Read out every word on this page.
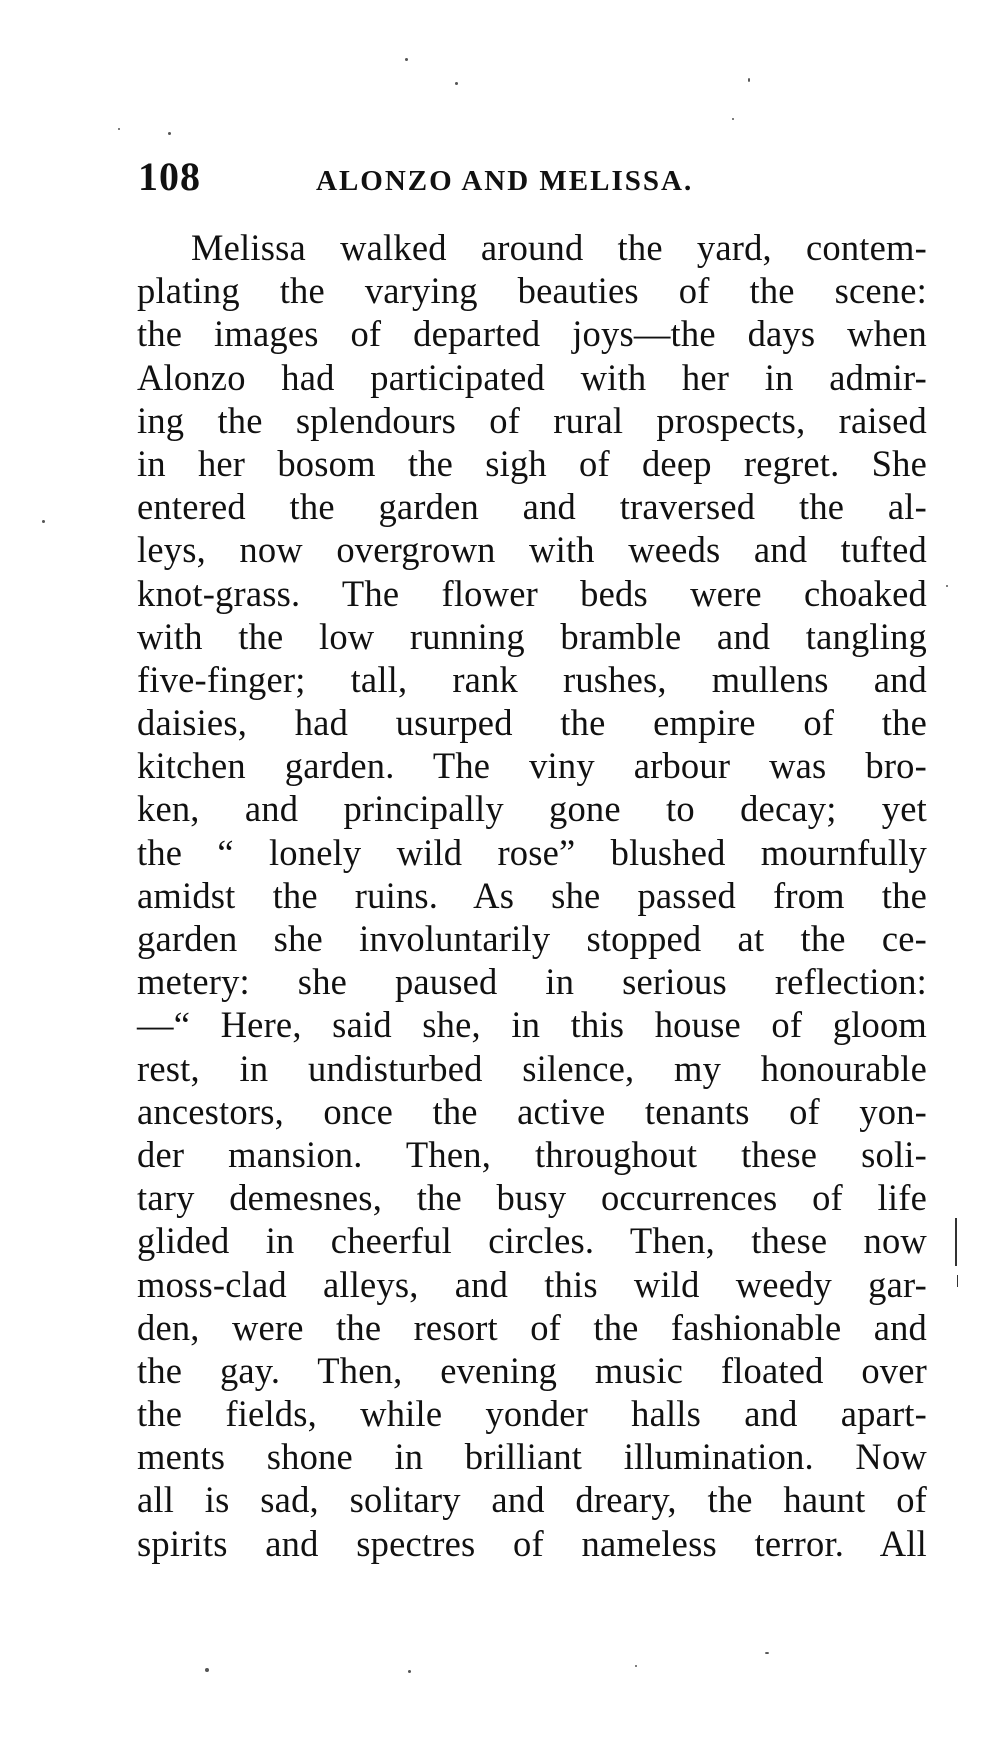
108	ALONZO AND MELISSA.
Melissa walked around the yard, contem-
plating the varying beauties of the scene:
the images of departed joys—the days when
Alonzo had participated with her in admir-
ing the splendours of rural prospects, raised
in her bosom the sigh of deep regret. She
entered the garden and traversed the al-
leys, now overgrown with weeds and tufted
knot-grass. The flower beds were choaked
with the low running bramble and tangling
five-finger; tall, rank rushes, mullens and
daisies, had usurped the empire of the
kitchen garden. The viny arbour was bro-
ken, and principally gone to decay; yet
the “ lonely wild rose” blushed mournfully
amidst the ruins. As she passed from the
garden she involuntarily stopped at the ce-
metery: she paused in serious reflection:
—“ Here, said she, in this house of gloom
rest, in undisturbed silence, my honourable
ancestors, once the active tenants of yon-
der mansion. Then, throughout these soli-
tary demesnes, the busy occurrences of life
glided in cheerful circles. Then, these now
moss-clad alleys, and this wild weedy gar-
den, were the resort of the fashionable and
the gay. Then, evening music floated over
the fields, while yonder halls and apart-
ments shone in brilliant illumination. Now
all is sad, solitary and dreary, the haunt of
spirits and spectres of nameless terror. All
